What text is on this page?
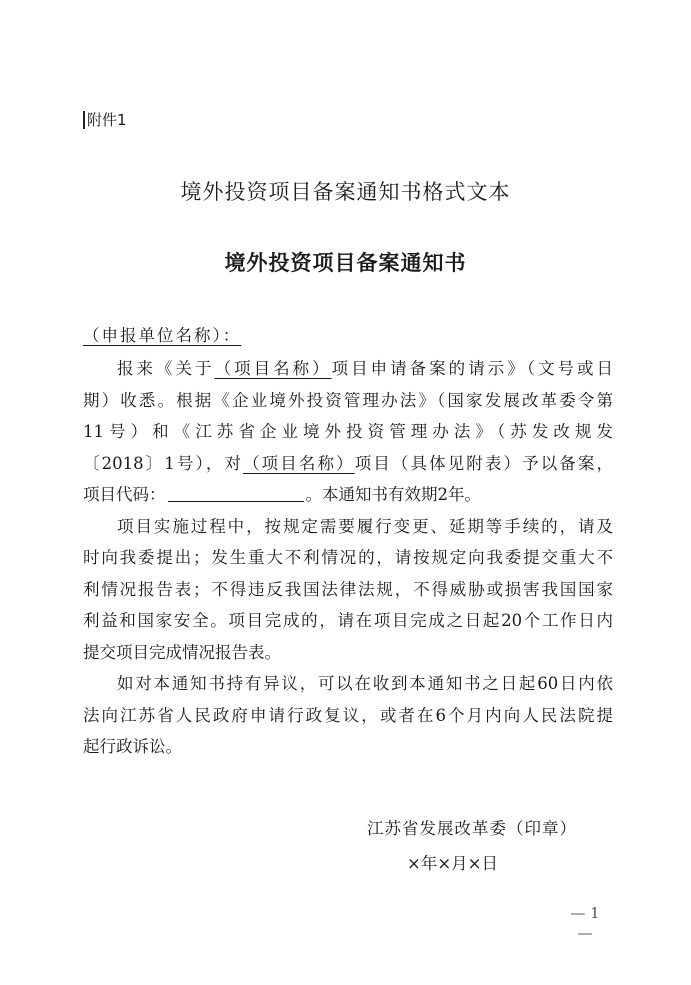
附件1
境外投资项目备案通知书格式文本
境外投资项目备案通知书
（申报单位名称）：
报来《关于（项目名称）项目申请备案的请示》（文号或日
期）收悉。根据《企业境外投资管理办法》（国家发展改革委令第
11号）和《江苏省企业境外投资管理办法》（苏发改规发
〔2018〕1号），对（项目名称）项目（具体见附表）予以备案，
项目代码：	。本通知书有效期2年。
项目实施过程中，按规定需要履行变更、延期等手续的，请及
时向我委提出；发生重大不利情况的，请按规定向我委提交重大不
利情况报告表；不得违反我国法律法规，不得威胁或损害我国国家
利益和国家安全。项目完成的，请在项目完成之日起20个工作日内
提交项目完成情况报告表。
如对本通知书持有异议，可以在收到本通知书之日起60日内依
法向江苏省人民政府申请行政复议，或者在6个月内向人民法院提
起行政诉讼。
江苏省发展改革委（印章）
×年×月×日
— 1 —
